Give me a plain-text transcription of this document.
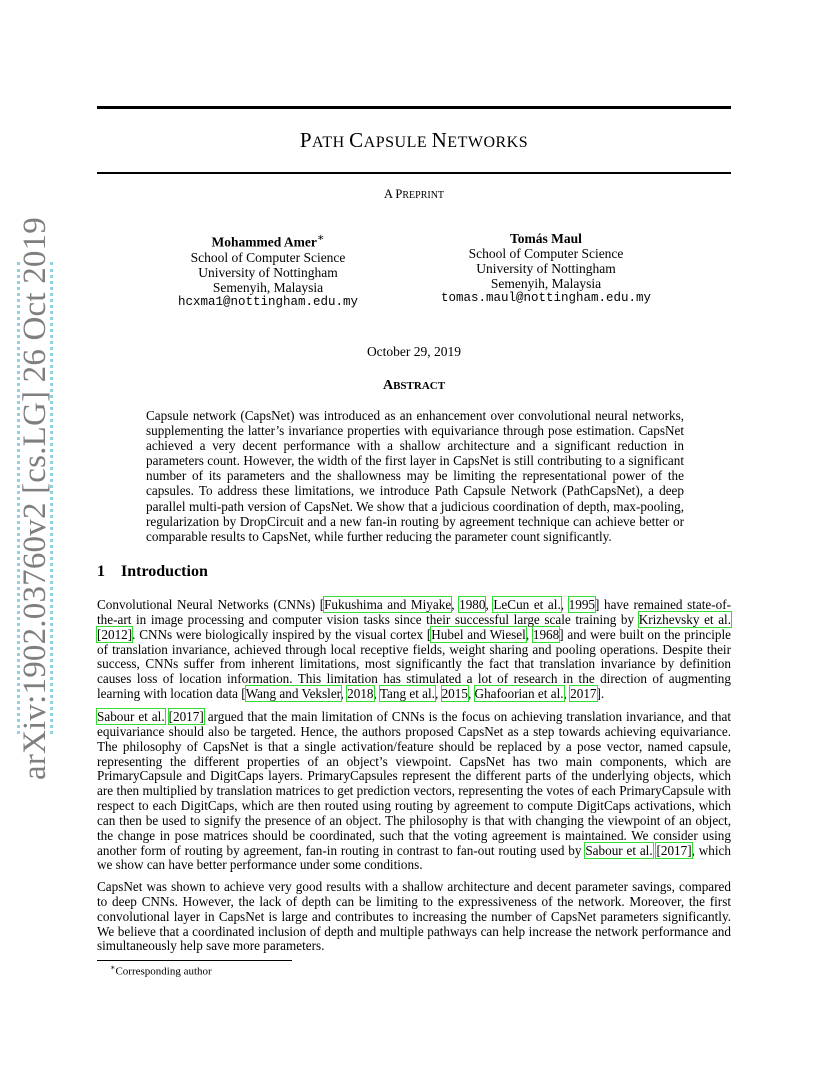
arXiv:1902.03760v2 [cs.LG] 26 Oct 2019
PATH CAPSULE NETWORKS
A PREPRINT
Mohammed Amer∗
School of Computer Science
University of Nottingham
Semenyih, Malaysia
hcxma1@nottingham.edu.my
Tomás Maul
School of Computer Science
University of Nottingham
Semenyih, Malaysia
tomas.maul@nottingham.edu.my
October 29, 2019
ABSTRACT
Capsule network (CapsNet) was introduced as an enhancement over convolutional neural networks, supplementing the latter’s invariance properties with equivariance through pose estimation. CapsNet achieved a very decent performance with a shallow architecture and a significant reduction in parameters count. However, the width of the first layer in CapsNet is still contributing to a significant number of its parameters and the shallowness may be limiting the representational power of the capsules. To address these limitations, we introduce Path Capsule Network (PathCapsNet), a deep parallel multi-path version of CapsNet. We show that a judicious coordination of depth, max-pooling, regularization by DropCircuit and a new fan-in routing by agreement technique can achieve better or comparable results to CapsNet, while further reducing the parameter count significantly.
1 Introduction

Convolutional Neural Networks (CNNs) [Fukushima and Miyake, 1980, LeCun et al., 1995] have remained state-of-the-art in image processing and computer vision tasks since their successful large scale training by Krizhevsky et al. [2012]. CNNs were biologically inspired by the visual cortex [Hubel and Wiesel, 1968] and were built on the principle of translation invariance, achieved through local receptive fields, weight sharing and pooling operations. Despite their success, CNNs suffer from inherent limitations, most significantly the fact that translation invariance by definition causes loss of location information. This limitation has stimulated a lot of research in the direction of augmenting learning with location data [Wang and Veksler, 2018, Tang et al., 2015, Ghafoorian et al., 2017].

Sabour et al. [2017] argued that the main limitation of CNNs is the focus on achieving translation invariance, and that equivariance should also be targeted. Hence, the authors proposed CapsNet as a step towards achieving equivariance. The philosophy of CapsNet is that a single activation/feature should be replaced by a pose vector, named capsule, representing the different properties of an object’s viewpoint. CapsNet has two main components, which are PrimaryCapsule and DigitCaps layers. PrimaryCapsules represent the different parts of the underlying objects, which are then multiplied by translation matrices to get prediction vectors, representing the votes of each PrimaryCapsule with respect to each DigitCaps, which are then routed using routing by agreement to compute DigitCaps activations, which can then be used to signify the presence of an object. The philosophy is that with changing the viewpoint of an object, the change in pose matrices should be coordinated, such that the voting agreement is maintained. We consider using another form of routing by agreement, fan-in routing in contrast to fan-out routing used by Sabour et al. [2017], which we show can have better performance under some conditions.

CapsNet was shown to achieve very good results with a shallow architecture and decent parameter savings, compared to deep CNNs. However, the lack of depth can be limiting to the expressiveness of the network. Moreover, the first convolutional layer in CapsNet is large and contributes to increasing the number of CapsNet parameters significantly. We believe that a coordinated inclusion of depth and multiple pathways can help increase the network performance and simultaneously help save more parameters.

∗Corresponding author
